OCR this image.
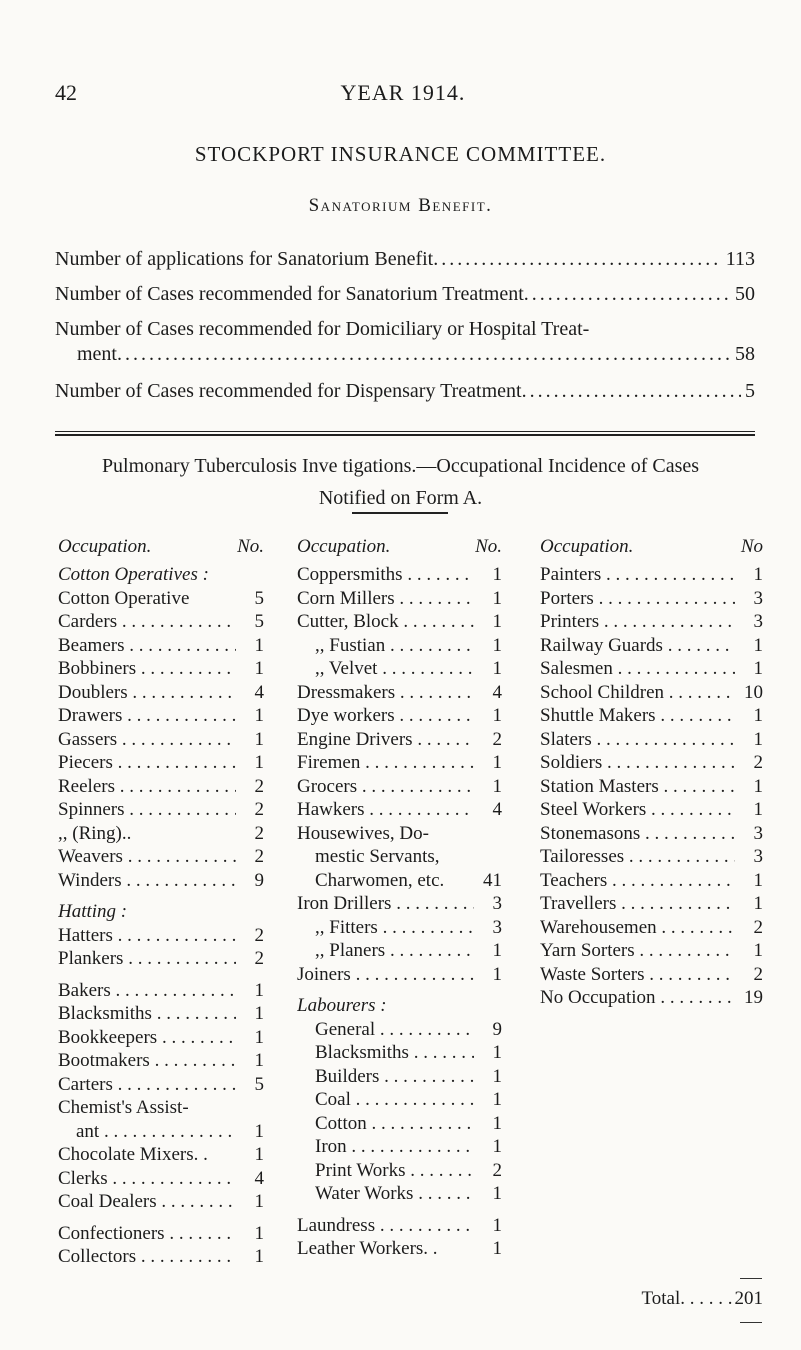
42	YEAR 1914.
STOCKPORT INSURANCE COMMITTEE.
Sanatorium Benefit.
Number of applications for Sanatorium Benefit . . .	113
Number of Cases recommended for Sanatorium Treatment . . .	50
Number of Cases recommended for Domiciliary or Hospital Treat-
ment . . .	58
Number of Cases recommended for Dispensary Treatment . . .	5
Pulmonary Tuberculosis Inve tigations.—Occupational Incidence of Cases
Notified on Form A.
Occupation.	No.
Cotton Operatives :
Cotton Operative	5
Carders . . .	5
Beamers . . .	1
Bobbiners . . .	1
Doublers . . .	4
Drawers . . .	1
Gassers . . .	1
Piecers . . .	1
Reelers . . .	2
Spinners . . .	2
,, (Ring)..	2
Weavers . . .	2
Winders . . .	9
Hatting :
Hatters . . .	2
Plankers . . .	2
Bakers . . .	1
Blacksmiths . . .	1
Bookkeepers . . .	1
Bootmakers . . .	1
Carters . . .	5
Chemist's Assist-
ant . . .	1
Chocolate Mixers. .	1
Clerks . . .	4
Coal Dealers . . .	1
Confectioners . . .	1
Collectors . . .	1
Occupation.	No.
Coppersmiths . . .	1
Corn Millers . . .	1
Cutter, Block . . .	1
,, Fustian . . .	1
,, Velvet . . .	1
Dressmakers . . .	4
Dye workers . . .	1
Engine Drivers . . .	2
Firemen . . .	1
Grocers . . .	1
Hawkers . . .	4
Housewives, Do-
mestic Servants,
Charwomen, etc.	41
Iron Drillers . . .	3
,, Fitters . . .	3
,, Planers . . .	1
Joiners . . .	1
Labourers :
General . . .	9
Blacksmiths . . .	1
Builders . . .	1
Coal . . .	1
Cotton . . .	1
Iron . . .	1
Print Works . . .	2
Water Works . . .	1
Laundress . . .	1
Leather Workers. .	1
Occupation.	No
Painters . . .	1
Porters . . .	3
Printers . . .	3
Railway Guards . . .	1
Salesmen . . .	1
School Children . . .	10
Shuttle Makers . . .	1
Slaters . . .	1
Soldiers . . .	2
Station Masters . . .	1
Steel Workers . . .	1
Stonemasons . . .	3
Tailoresses . . .	3
Teachers . . .	1
Travellers . . .	1
Warehousemen . . .	2
Yarn Sorters . . .	1
Waste Sorters . . .	2
No Occupation . . .	19
Total. . . . . . 201
